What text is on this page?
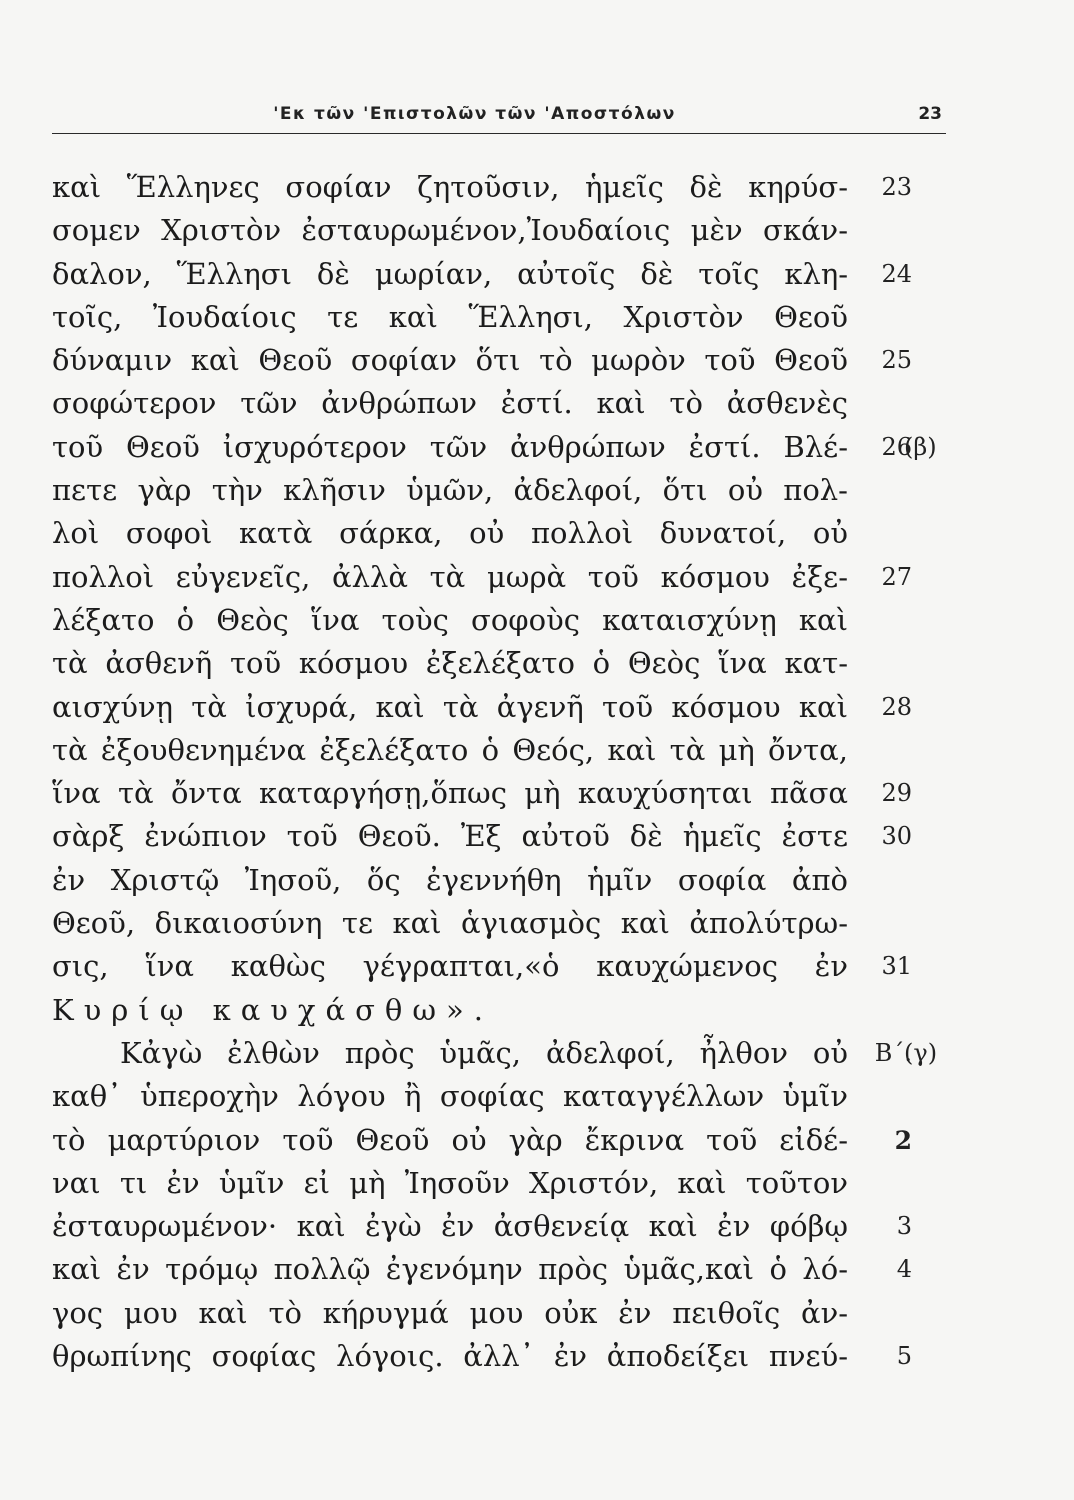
'Eκ τῶν 'Επιστολῶν τῶν 'Αποστόλων	23
καὶ Ἕλληνες σοφίαν ζητοῦσιν, ἡμεῖς δὲ κηρύσ-	23
σομεν Χριστὸν ἐσταυρωμένον,Ἰουδαίοις μὲν σκάν-
δαλον, Ἕλλησι δὲ μωρίαν, αὐτοῖς δὲ τοῖς κλη-	24
τοῖς, Ἰουδαίοις τε καὶ Ἕλλησι, Χριστὸν Θεοῦ
δύναμιν καὶ Θεοῦ σοφίαν ὅτι τὸ μωρὸν τοῦ Θεοῦ	25
σοφώτερον τῶν ἀνθρώπων ἐστί. καὶ τὸ ἀσθενὲς
τοῦ Θεοῦ ἰσχυρότερον τῶν ἀνθρώπων ἐστί. Βλέ-	26
(β)
πετε γὰρ τὴν κλῆσιν ὑμῶν, ἀδελφοί, ὅτι οὐ πολ-
λοὶ σοφοὶ κατὰ σάρκα, οὐ πολλοὶ δυνατοί, οὐ
πολλοὶ εὐγενεῖς, ἀλλὰ τὰ μωρὰ τοῦ κόσμου ἐξε-	27
λέξατο ὁ Θεὸς ἵνα τοὺς σοφοὺς καταισχύνῃ καὶ
τὰ ἀσθενῆ τοῦ κόσμου ἐξελέξατο ὁ Θεὸς ἵνα κατ-
αισχύνῃ τὰ ἰσχυρά, καὶ τὰ ἀγενῆ τοῦ κόσμου καὶ	28
τὰ ἐξουθενημένα ἐξελέξατο ὁ Θεός, καὶ τὰ μὴ ὄντα,
ἵνα τὰ ὄντα καταργήσῃ,ὅπως μὴ καυχύσηται πᾶσα	29
σὰρξ ἐνώπιον τοῦ Θεοῦ. Ἐξ αὐτοῦ δὲ ἡμεῖς ἐστε	30
ἐν Χριστῷ Ἰησοῦ, ὅς ἐγεννήθη ἡμῖν σοφία ἀπὸ
Θεοῦ, δικαιοσύνη τε καὶ ἁγιασμὸς καὶ ἀπολύτρω-
σις, ἵνα καθὼς γέγραπται,«ὁ καυχώμενος ἐν	31
Κυρίῳ καυχάσθω».
Κἀγὼ ἐλθὼν πρὸς ὑμᾶς, ἀδελφοί, ἦλθον οὐ	Β΄.
(γ)
καθ᾽ ὑπεροχὴν λόγου ἢ σοφίας καταγγέλλων ὑμῖν
τὸ μαρτύριον τοῦ Θεοῦ οὐ γὰρ ἔκρινα τοῦ εἰδέ-	2
ναι τι ἐν ὑμῖν εἰ μὴ Ἰησοῦν Χριστόν, καὶ τοῦτον
ἐσταυρωμένον· καὶ ἐγὼ ἐν ἀσθενείᾳ καὶ ἐν φόβῳ	3
καὶ ἐν τρόμῳ πολλῷ ἐγενόμην πρὸς ὑμᾶς,καὶ ὁ λό-	4
γος μου καὶ τὸ κήρυγμά μου οὐκ ἐν πειθοῖς ἀν-
θρωπίνης σοφίας λόγοις. ἀλλ᾽ ἐν ἀποδείξει πνεύ-	5
